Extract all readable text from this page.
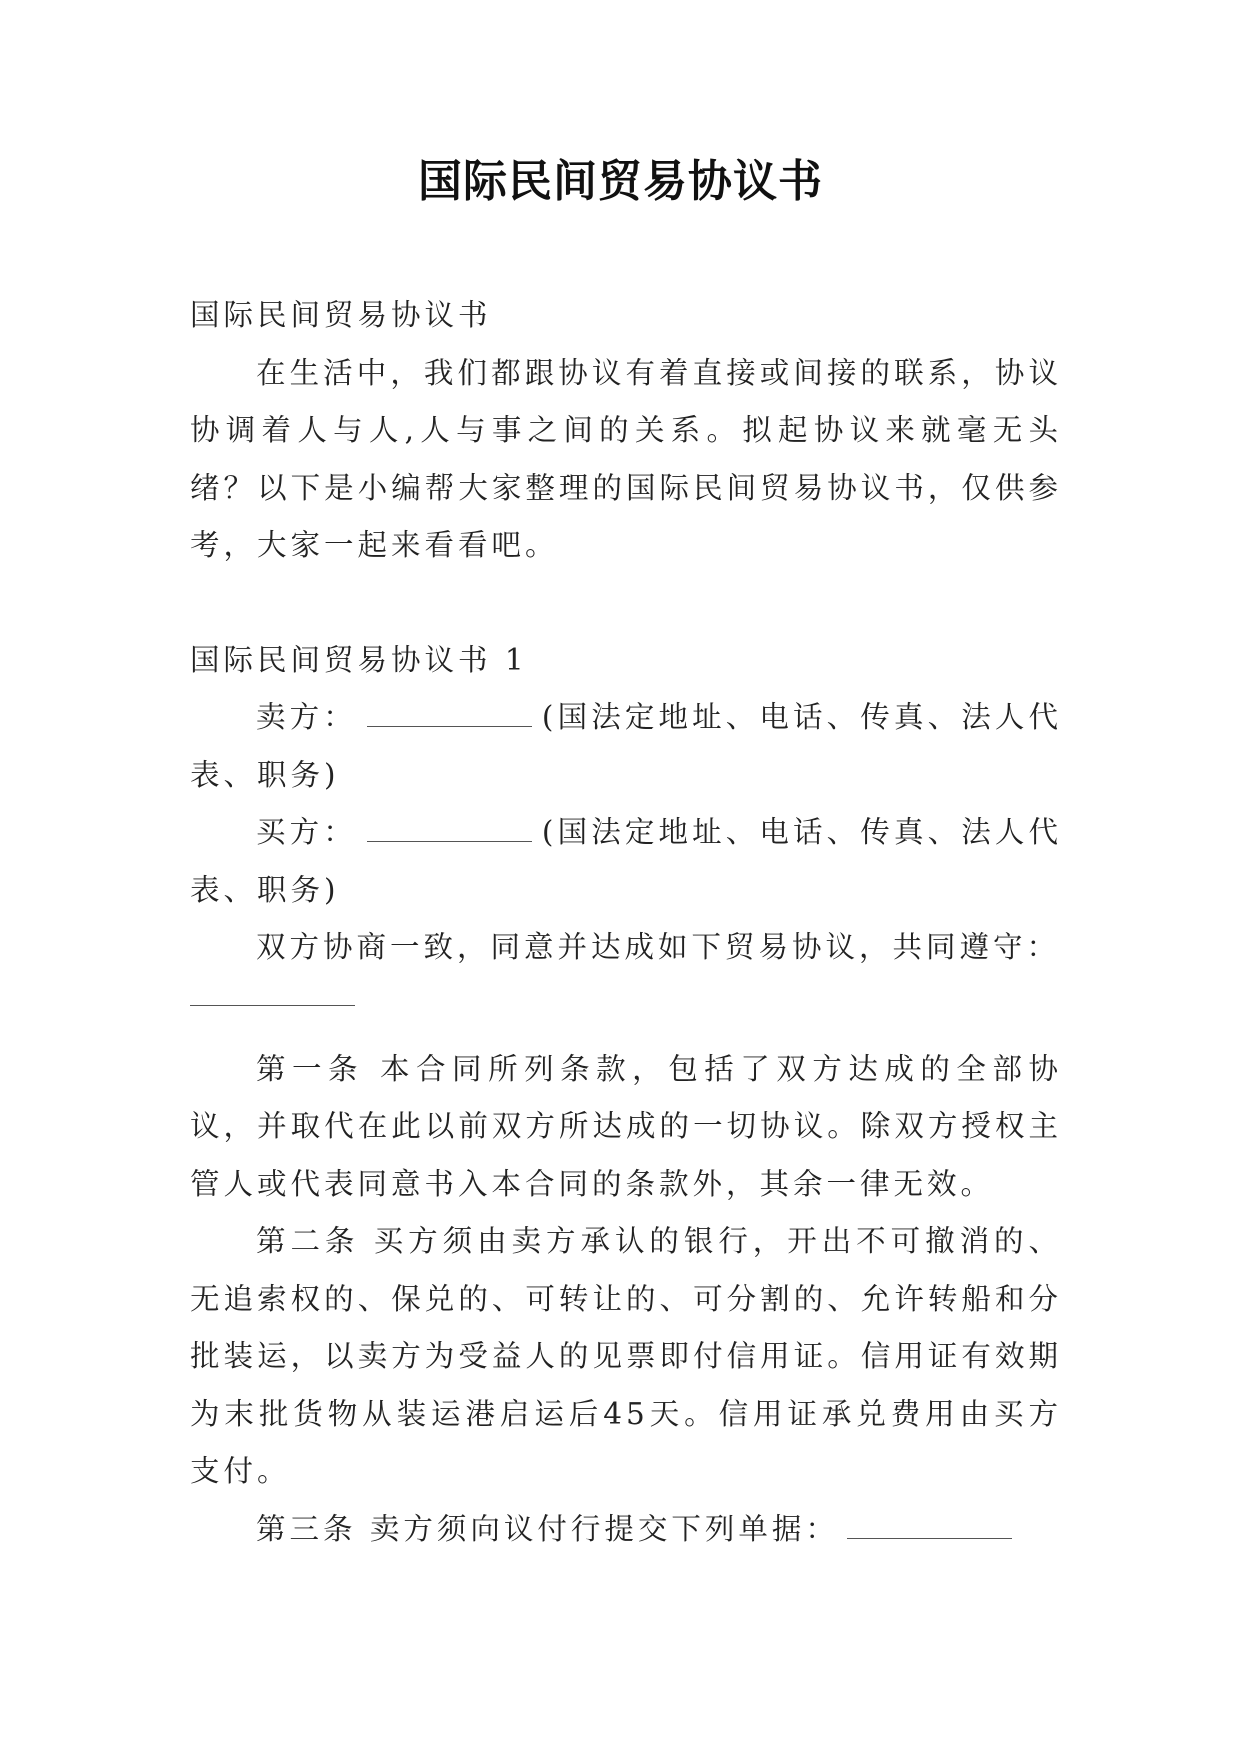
国际民间贸易协议书

国际民间贸易协议书

在生活中，我们都跟协议有着直接或间接的联系，协议协调着人与人,人与事之间的关系。拟起协议来就毫无头绪？以下是小编帮大家整理的国际民间贸易协议书，仅供参考，大家一起来看看吧。

国际民间贸易协议书 1

卖方：	(国法定地址、电话、传真、法人代表、职务)

买方：	(国法定地址、电话、传真、法人代表、职务)

双方协商一致，同意并达成如下贸易协议，共同遵守：

第一条 本合同所列条款，包括了双方达成的全部协议，并取代在此以前双方所达成的一切协议。除双方授权主管人或代表同意书入本合同的条款外，其余一律无效。

第二条 买方须由卖方承认的银行，开出不可撤消的、无追索权的、保兑的、可转让的、可分割的、允许转船和分批装运，以卖方为受益人的见票即付信用证。信用证有效期为末批货物从装运港启运后45天。信用证承兑费用由买方支付。

第三条 卖方须向议付行提交下列单据：
